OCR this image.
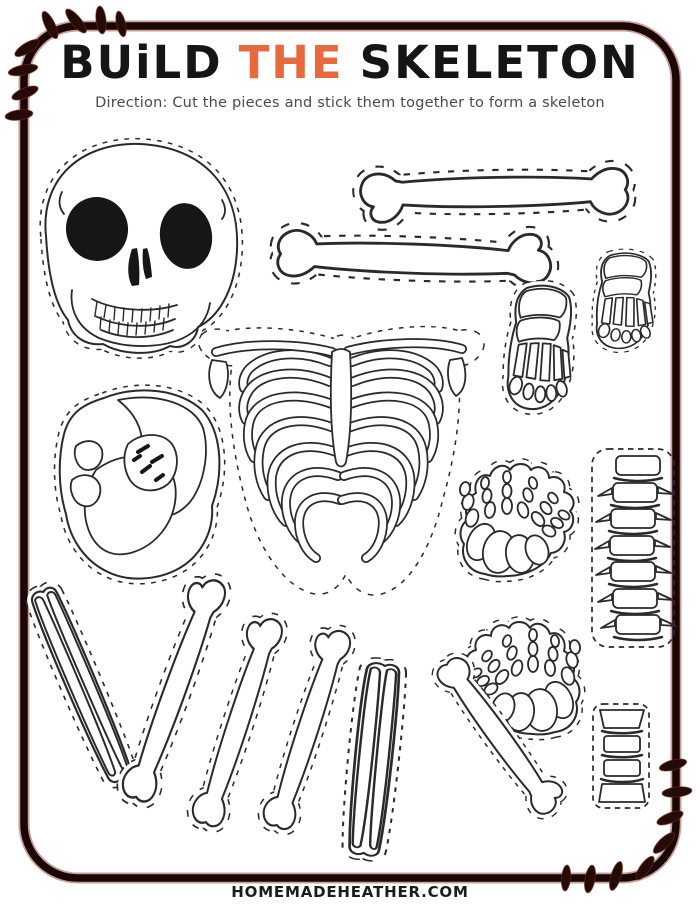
BUiLD THE SKELETON
Direction: Cut the pieces and stick them together to form a skeleton
HOMEMADEHEATHER.COM
